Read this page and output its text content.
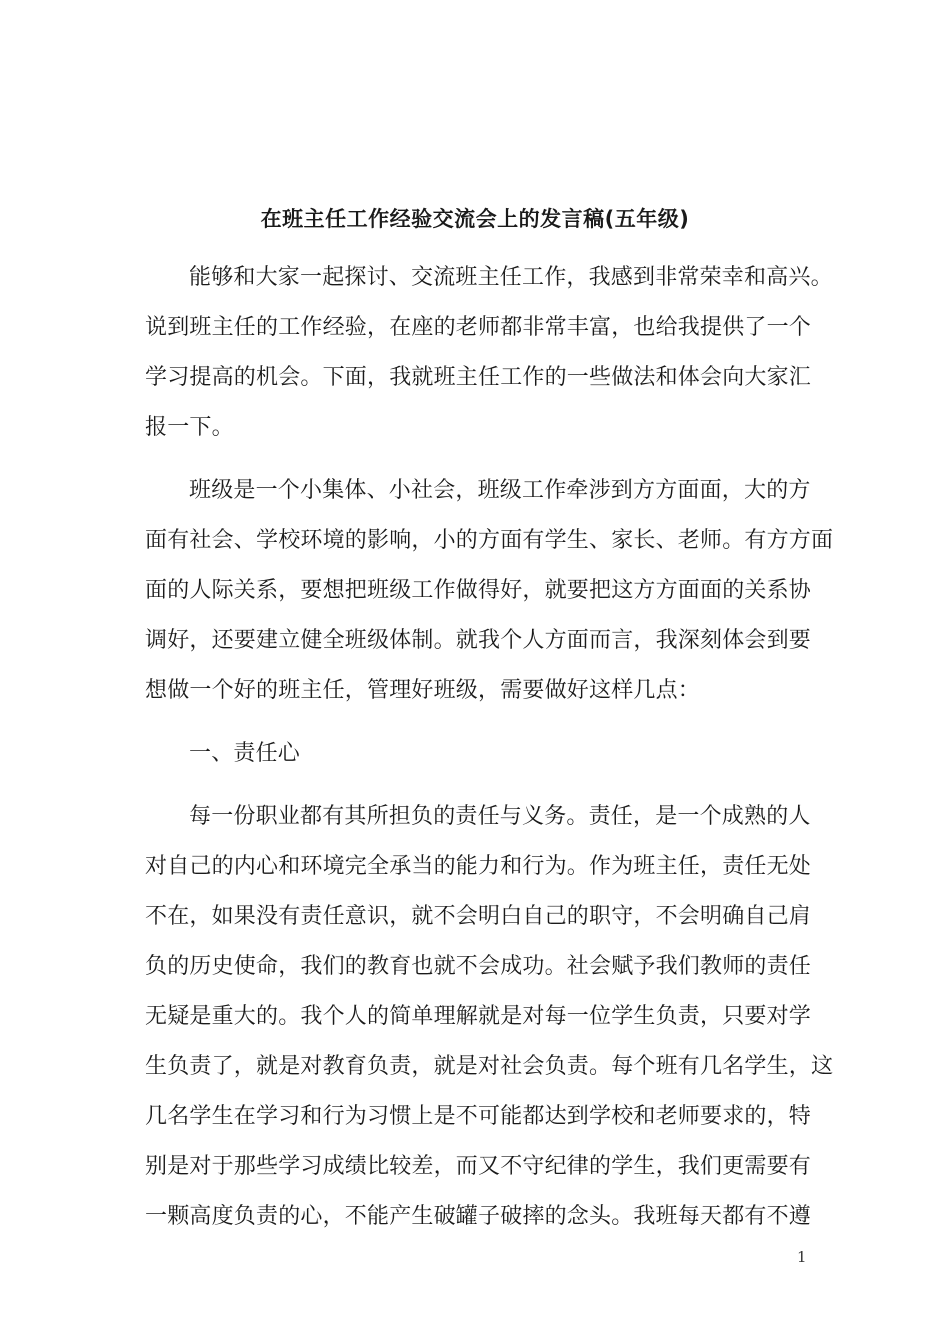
在班主任工作经验交流会上的发言稿(五年级)
能够和大家一起探讨、交流班主任工作，我感到非常荣幸和高兴。
说到班主任的工作经验，在座的老师都非常丰富，也给我提供了一个
学习提高的机会。下面，我就班主任工作的一些做法和体会向大家汇
报一下。
班级是一个小集体、小社会，班级工作牵涉到方方面面，大的方
面有社会、学校环境的影响，小的方面有学生、家长、老师。有方方面
面的人际关系，要想把班级工作做得好，就要把这方方面面的关系协
调好，还要建立健全班级体制。就我个人方面而言，我深刻体会到要
想做一个好的班主任，管理好班级，需要做好这样几点：
一、责任心
每一份职业都有其所担负的责任与义务。责任，是一个成熟的人
对自己的内心和环境完全承当的能力和行为。作为班主任，责任无处
不在，如果没有责任意识，就不会明白自己的职守，不会明确自己肩
负的历史使命，我们的教育也就不会成功。社会赋予我们教师的责任
无疑是重大的。我个人的简单理解就是对每一位学生负责，只要对学
生负责了，就是对教育负责，就是对社会负责。每个班有几名学生，这
几名学生在学习和行为习惯上是不可能都达到学校和老师要求的，特
别是对于那些学习成绩比较差，而又不守纪律的学生，我们更需要有
一颗高度负责的心，不能产生破罐子破摔的念头。我班每天都有不遵
1
